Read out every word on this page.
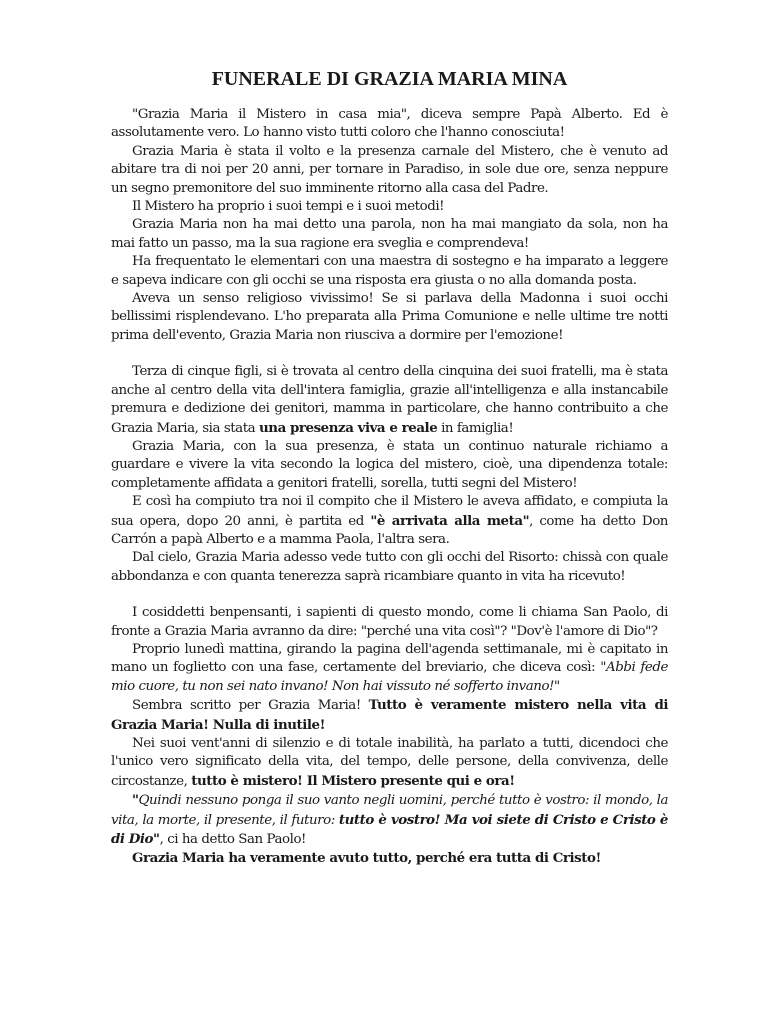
FUNERALE DI GRAZIA MARIA MINA

"Grazia Maria il Mistero in casa mia", diceva sempre Papà Alberto. Ed è assolutamente vero. Lo hanno visto tutti coloro che l'hanno conosciuta!

Grazia Maria è stata il volto e la presenza carnale del Mistero, che è venuto ad abitare tra di noi per 20 anni, per tornare in Paradiso, in sole due ore, senza neppure un segno premonitore del suo imminente ritorno alla casa del Padre.

Il Mistero ha proprio i suoi tempi e i suoi metodi!

Grazia Maria non ha mai detto una parola, non ha mai mangiato da sola, non ha mai fatto un passo, ma la sua ragione era sveglia e comprendeva!

Ha frequentato le elementari con una maestra di sostegno e ha imparato a leggere e sapeva indicare con gli occhi se una risposta era giusta o no alla domanda posta.

Aveva un senso religioso vivissimo! Se si parlava della Madonna i suoi occhi bellissimi risplendevano. L'ho preparata alla Prima Comunione e nelle ultime tre notti prima dell'evento, Grazia Maria non riusciva a dormire per l'emozione!

Terza di cinque figli, si è trovata al centro della cinquina dei suoi fratelli, ma è stata anche al centro della vita dell'intera famiglia, grazie all'intelligenza e alla instancabile premura e dedizione dei genitori, mamma in particolare, che hanno contribuito a che Grazia Maria, sia stata una presenza viva e reale in famiglia!

Grazia Maria, con la sua presenza, è stata un continuo naturale richiamo a guardare e vivere la vita secondo la logica del mistero, cioè, una dipendenza totale: completamente affidata a genitori fratelli, sorella, tutti segni del Mistero!

E così ha compiuto tra noi il compito che il Mistero le aveva affidato, e compiuta la sua opera, dopo 20 anni, è partita ed "è arrivata alla meta", come ha detto Don Carrón a papà Alberto e a mamma Paola, l'altra sera.

Dal cielo, Grazia Maria adesso vede tutto con gli occhi del Risorto: chissà con quale abbondanza e con quanta tenerezza saprà ricambiare quanto in vita ha ricevuto!

I cosiddetti benpensanti, i sapienti di questo mondo, come li chiama San Paolo, di fronte a Grazia Maria avranno da dire: "perché una vita così"? "Dov'è l'amore di Dio"?

Proprio lunedì mattina, girando la pagina dell'agenda settimanale, mi è capitato in mano un foglietto con una fase, certamente del breviario, che diceva così: "Abbi fede mio cuore, tu non sei nato invano! Non hai vissuto né sofferto invano!"

Sembra scritto per Grazia Maria! Tutto è veramente mistero nella vita di Grazia Maria! Nulla di inutile!

Nei suoi vent'anni di silenzio e di totale inabilità, ha parlato a tutti, dicendoci che l'unico vero significato della vita, del tempo, delle persone, della convivenza, delle circostanze, tutto è mistero! Il Mistero presente qui e ora!

"Quindi nessuno ponga il suo vanto negli uomini, perché tutto è vostro: il mondo, la vita, la morte, il presente, il futuro: tutto è vostro! Ma voi siete di Cristo e Cristo è di Dio", ci ha detto San Paolo!

Grazia Maria ha veramente avuto tutto, perché era tutta di Cristo!
